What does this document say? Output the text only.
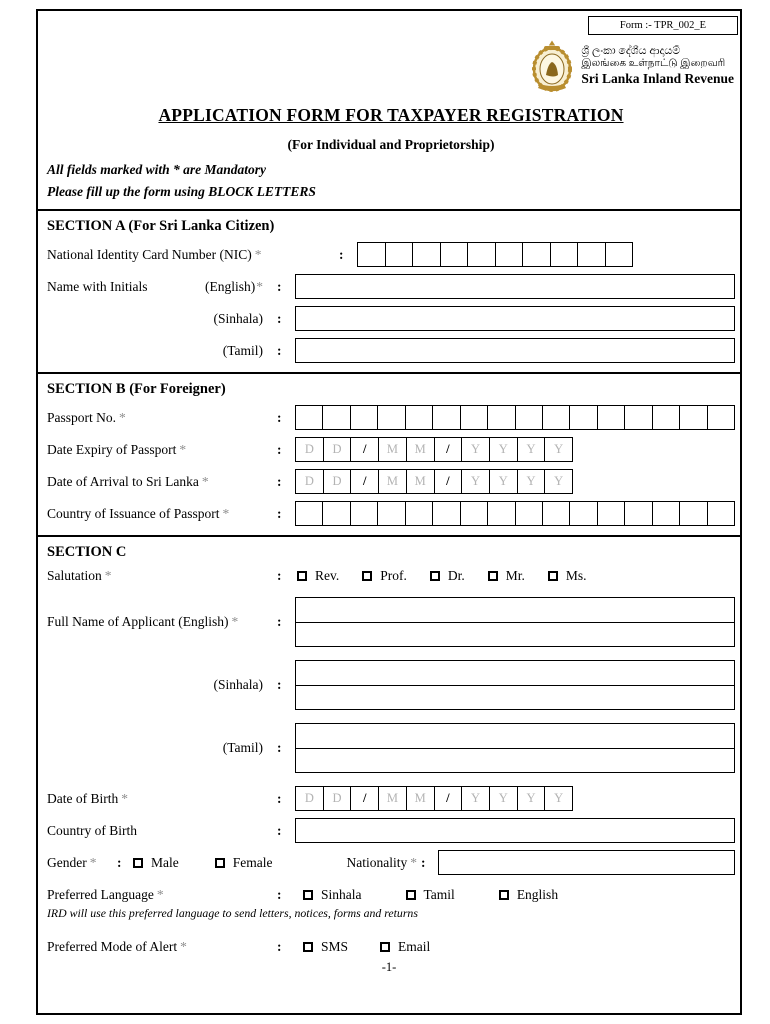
Form :- TPR_002_E
ශ්‍රී ලංකා දේශීය ආදායම්
இலங்கை உள்நாட்டு இறைவரி
Sri Lanka Inland Revenue
APPLICATION FORM FOR TAXPAYER REGISTRATION
(For Individual and Proprietorship)
All fields marked with * are Mandatory
Please fill up the form using BLOCK LETTERS
SECTION A (For Sri Lanka Citizen)
National Identity Card Number (NIC) *	:
Name with Initials	(English)* :
(Sinhala)	:
(Tamil)	:
SECTION B (For Foreigner)
Passport No. *	:
Date Expiry of Passport *	:	D	D	/	M	M	/	Y	Y	Y	Y
Date of Arrival to Sri Lanka *	:	D	D	/	M	M	/	Y	Y	Y	Y
Country of Issuance of Passport *	:
SECTION C
Salutation *	:	Rev.	Prof.	Dr.	Mr.	Ms.
Full Name of Applicant (English) *	:
(Sinhala)	:
(Tamil)	:
Date of Birth *	:	D	D	/	M	M	/	Y	Y	Y	Y
Country of Birth	:
Gender *	:	Male	Female	Nationality * :
Preferred Language *	:	Sinhala	Tamil	English
IRD will use this preferred language to send letters, notices, forms and returns
Preferred Mode of Alert *	:	SMS	Email
-1-
